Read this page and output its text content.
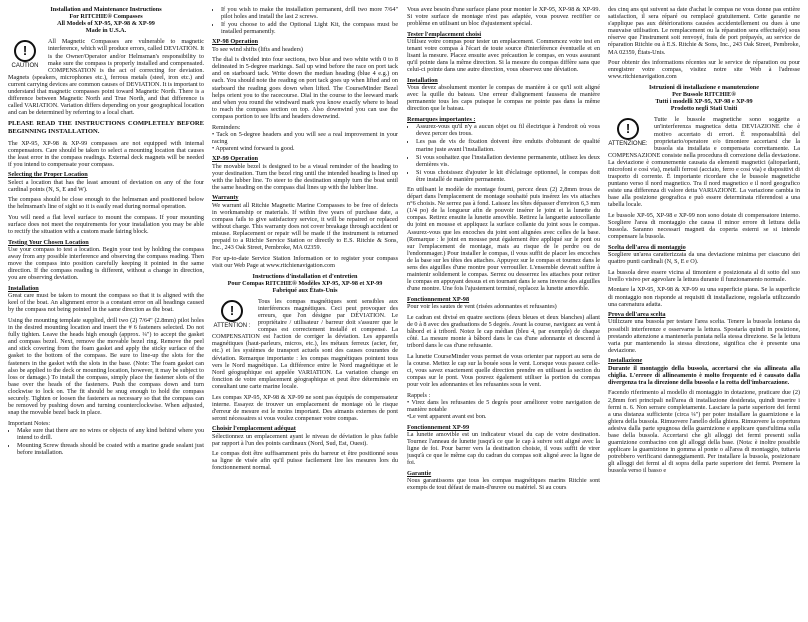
Installation and Maintenance Instructions
For RITCHIE® Compasses
All Models of XP-95, XP-98 & XP-99
Made in U.S.A.
!
CAUTION

All Magnetic Compasses are vulnerable to magnetic interference, which will produce errors, called DEVIATION. It is the Owner/Operator and/or Helmsman's responsibility to make sure the compass is properly installed and compensated. COMPENSATION is the act of correcting for deviation. Magnets (speakers, microphones etc.), ferrous metals (steel, iron etc.) and current carrying devices are common causes of DEVIATION. It is important to understand that magnetic compasses point toward Magnetic North. There is a difference between Magnetic North and True North, and that difference is called VARIATION. Variation differs depending on your geographical location and can be determined by referring to a local chart.

PLEASE READ THE INSTRUCTIONS COMPLETELY BEFORE BEGINNING INSTALLATION.

The XP-95, XP-98 & XP-99 compasses are not equipped with internal compensators. Care should be taken to select a mounting location that causes the least error in the compass readings. External deck magnets will be needed if you intend to compensate your compass.

Selecting the Proper Location

Select a location that has the least amount of deviation on any of the four cardinal points (N, S, E and W).

The compass should be close enough to the helmsman and positioned below the helmsman's line of sight so it is easily read during normal operation.

You will need a flat level surface to mount the compass. If your mounting surface does not meet the requirements for your installation you may be able to rectify the situation with a custom made fairing block.

Testing Your Chosen Location

Use your compass to test a location. Begin your test by holding the compass away from any possible interference and observing the compass reading. Then move the compass into position carefully keeping it pointed in the same direction. If the compass reading is different, without a change in direction, you are observing deviation.

Installation

Great care must be taken to mount the compass so that it is aligned with the keel of the boat. An alignment error is a constant error on all headings caused by the compass not being pointed in the same direction as the boat.

Using the mounting template supplied, drill two (2) 7/64" (2.8mm) pilot holes in the desired mounting location and insert the # 6 fasteners selected. Do not fully tighten. Leave the heads high enough (approx. ¼") to accept the gasket and compass bezel. Next, remove the movable bezel ring. Remove the peel and stick covering from the foam gasket and apply the sticky surface of the gasket to the bottom of the compass. Be sure to line-up the slots for the fasteners in the gasket with the slots in the base. (Note: The foam gasket can also be applied to the deck or mounting location, however, it may be subject to loss or damage.) To install the compass, simply place the fastener slots of the base over the heads of the fasteners. Push the compass down and turn clockwise to lock on. The fit should be snug enough to hold the compass securely. Tighten or loosen the fasteners as necessary so that the compass can be removed by pushing down and turning counterclockwise. When adjusted, snap the movable bezel back in place.

Important Notes:
• Make sure that there are no wires or objects of any kind behind where you intend to drill.
• Mounting Screw threads should be coated with a marine grade sealant just before installation.
• If you wish to make the installation permanent, drill two more 7/64" pilot holes and install the last 2 screws.
• If you choose to add the Optional Light Kit, the compass must be installed permanently.
XP-98 Operation

To see wind shifts (lifts and headers)

The dial is divided into four sections, two blue and two white with 0 to 8 delineated in 5-degree markings. Sail up wind before the race on port tack and on starboard tack. Write down the median heading (blue 4 e.g.) on each. You should note the reading on port tack goes up when lifted and on starboard the reading goes down when lifted. The CourseMinder Bezel helps orient you to the racecourse. Dial in the course to the leeward mark and when you round the windward mark you know exactly where to head to reach the compass section on top. Also downwind you can use the compass portion to see lifts and headers downwind.

Reminders:
• Tack on 5-degree headers and you will see a real improvement in your racing

• Apparent wind forward is good.

XP-99 Operation

The movable bezel is designed to be a visual reminder of the heading to your destination. Turn the bezel ring until the intended heading is lined up with the lubber line. To steer to the destination simply turn the boat until the same heading on the compass dial lines up with the lubber line.

Warranty

We warrant all Ritchie Magnetic Marine Compasses to be free of defects in workmanship or materials. If within five years of purchase date, a compass fails to give satisfactory service, it will be repaired or replaced without charge. This warranty does not cover breakage through accident or misuse. Replacement or repair will be made if the instrument is returned prepaid to a Ritchie Service Station or directly to E.S. Ritchie & Sons, Inc., 243 Oak Street, Pembroke, MA 02359.

For up-to-date Service Station Information or to register your compass visit our Web Page at www.ritchienavigation.com

Instructions d'installation et d'entretien
Pour Compas RITCHIE® Modèles XP-95, XP-98 et XP-99
Fabriqué aux États-Unis
!
ATTENTION :

Tous les compas magnétiques sont sensibles aux interférences magnétiques. Ceci peut provoquer des erreurs, que l'on désigne par DÉVIATION. Le propriétaire / utilisateur / barreur doit s'assurer que le compas est correctement installé et compensé. La COMPENSATION est l'action de corriger la déviation. Les appareils magnétiques (haut-parleurs, micros, etc.), les métaux ferreux (acier, fer, etc.) et les systèmes de transport actuels sont des causes courantes de déviation. Remarque importante : les compas magnétiques pointent tous vers le Nord magnétique. La différence entre le Nord magnétique et le Nord géographique est appelée VARIATION. La variation change en fonction de votre emplacement géographique et peut être déterminée en consultant une carte marine locale.

Les compas XP-95, XP-98 & XP-99 ne sont pas équipés de compensateur interne. Essayez de trouver un emplacement de montage où le risque d'erreur de mesure est le moins important. Des aimants externes de pont seront nécessaires si vous voulez compenser votre compas.

Choisir l'emplacement adéquat

Sélectionnez un emplacement ayant le niveau de déviation le plus faible par rapport à l'un des points cardinaux (Nord, Sud, Est, Ouest).

Le compas doit être suffisamment près du barreur et être positionné sous sa ligne de visée afin qu'il puisse facilement lire les mesures lors du fonctionnement normal.

Vous avez besoin d'une surface plane pour monter le XP-95, XP-98 & XP-99. Si votre surface de montage n'est pas adaptée, vous pouvez rectifier ce problème en utilisant un bloc d'ajustement spécial.

Tester l'emplacement choisi

Utilisez votre compas pour tester un emplacement. Commencez votre test en tenant votre compas à l'écart de toute source d'interférence éventuelle et en lisant la mesure. Placez ensuite avec précaution le compas, en vous assurant qu'il pointe dans la même direction. Si la mesure du compas diffère sans que celui-ci pointe dans une autre direction, vous observez une déviation.

Installation

Vous devez absolument monter le compas de manière à ce qu'il soit aligné avec la quille du bateau. Une erreur d'alignement faussera de manière permanente tous les caps puisque le compas ne pointe pas dans la même direction que le bateau.

Remarques importantes :
• Assurez-vous qu'il n'y a aucun objet ou fil électrique à l'endroit où vous devez percer des trous.
• Les pas de vis de fixation doivent être enduits d'obturant de qualité marine juste avant l'installation.
• Si vous souhaitez que l'installation devienne permanente, utilisez les deux dernières vis.
• Si vous choisissez d'ajouter le kit d'éclairage optionnel, le compas doit être installé de manière permanente.

En utilisant le modèle de montage fourni, percez deux (2) 2,8mm trous de départ dans l'emplacement de montage souhaité puis insérez les vis attaches n°6 choisis. Ne serrez pas à fond. Laissez les têtes dépasser d'environ 6,3 mm (1/4 po) de la longueur afin de pouvoir insérer le joint et la lunette du compas. Retirez ensuite la lunette amovible. Retirez la languette autocollante du joint en mousse et appliquez la surface collante du joint sous le compas. Assurez-vous que les encoches du joint sont alignées avec celles de la base. (Remarque : le joint en mousse peut également être appliqué sur le pont ou sur l'emplacement de montage, mais au risque de le perdre ou de l'endommager.) Pour installer le compas, il vous suffit de placer les encoches de la base sur les têtes des attaches. Appuyez sur le compas et tournez dans le sens des aiguilles d'une montre pour verrouiller. L'ensemble devrait suffire à maintenir solidement le compas. Serrez ou desserrez les attaches pour retirer le compas en appuyant dessus et en tournant dans le sens inverse des aiguilles d'une montre. Une fois l'ajustement terminé, replacez la lunette amovible.

Fonctionnement XP-98

Pour voir les sautes de vent (risées adonnantes et refusantes)

Le cadran est divisé en quatre sections (deux bleues et deux blanches) allant de 0 à 8 avec des graduations de 5 degrés. Avant la course, naviguez au vent à bâbord et à tribord. Notez le cap médian (bleu 4, par exemple) de chaque côté. La mesure monte à bâbord dans le cas d'une adonnante et descend à tribord dans le cas d'une refusante.

La lunette CourseMinder vous permet de vous orienter par rapport au sens de la course. Mettez le cap sur la bouée sous le vent. Lorsque vous passez celle-ci, vous savez exactement quelle direction prendre en utilisant la section du compas sur le pont. Vous pouvez également utiliser la portion du compas pour voir les adonnantes et les refusantes sous le vent.

Rappels :
• Virez dans les refusantes de 5 degrés pour améliorer votre navigation de manière notable

•Le vent apparent avant est bon.

Fonctionnement XP-99

La lunette amovible est un indicateur visuel du cap de votre destination. Tournez l'anneau de lunette jusqu'à ce que le cap à suivre soit aligné avec la ligne de foi. Pour barrer vers la destination choisie, il vous suffit de virer jusqu'à ce que le même cap du cadran du compas soit aligné avec la ligne de foi.

Garantie

Nous garantissons que tous les compas magnétiques marins Ritchie sont exempts de tout défaut de main-d'œuvre ou matériel. Si au cours

des cinq ans qui suivent sa date d'achat le compas ne vous donne pas entière satisfaction, il sera réparé ou remplacé gratuitement. Cette garantie ne s'applique pas aux détériorations causées accidentellement ou dues à une mauvaise utilisation. Le remplacement ou la réparation sera effectué(e) sous réserve que l'instrument soit renvoyé, frais de port prépayés, au service de réparation Ritchie ou à E.S. Ritchie & Sons, Inc., 243 Oak Street, Pembroke, MA 02359, États-Unis.

Pour obtenir des informations récentes sur le service de réparation ou pour enregistrer votre compas, visitez notre site Web à l'adresse www.ritchienavigation.com

Istruzioni di installazione e manutenzione
Per Bussole RITCHIE®
Tutti i modelli XP-95, XP-98 e XP-99
Prodotto negli Stati Uniti
!
ATTENZIONE:

Tutte le bussole magnetiche sono soggette a un'interferenza magnetica detta DEVIAZIONE che è motivo accertato di errori. È responsabilità del proprietario/operatore e/o timoniere accertarsi che la bussola sia installata e compensata correttamente. La COMPENSAZIONE consiste nella procedura di correzione della deviazione. La deviazione è comunemente causata da elementi magnetici (altoparlanti, microfoni e così via), metalli ferrosi (acciaio, ferro e così via) e dispositivi di trasporto di corrente. È importante ricordare che le bussole magnetiche puntano verso il nord magnetico. Tra il nord magnetico e il nord geografico esiste una differenza di valore detta VARIAZIONE. La variazione cambia in base alla posizione geografica e può essere determinata riferendosi a una tabella locale.

Le bussole XP-95, XP-98 e XP-99 non sono dotate di compensatore interno. Scegliere l'area di montaggio che causa il minor errore di lettura della bussola. Saranno necessari magneti da coperta esterni se si intende compensare la bussola.

Scelta dell'area di montaggio

Scegliere un'area caratterizzata da una deviazione minima per ciascuno dei quattro punti cardinali (N, S, E e O).

La bussola deve essere vicina al timoniere e posizionata al di sotto del suo livello visivo per agevolare la lettura durante il funzionamento normale.

Montare la XP-95, XP-98 & XP-99 su una superficie piana. Se la superficie di montaggio non risponde ai requisiti di installazione, regolarla utilizzando una carenatura adatta.

Prova dell'area scelta

Utilizzare una bussola per testare l'area scelta. Tenere la bussola lontana da possibili interferenze e osservarne la lettura. Spostarla quindi in posizione, prestando attenzione a mantenerla puntata nella stessa direzione. Se la lettura varia pur mantenendo la stessa direzione, significa che è presente una deviazione.

Installazione

Durante il montaggio della bussola, accertarsi che sia allineata alla chiglia. L'errore di allineamento è molto frequente ed è causato dalla divergenza tra la direzione della bussola e la rotta dell'imbarcazione.

Facendo riferimento al modello di montaggio in dotazione, praticare due (2) 2,8mm fori principali nell'area di installazione desiderata, quindi inserire i fermi n. 6. Non serrare completamente. Lasciare la parte superiore dei fermi a una distanza sufficiente (circa ¼") per poter installare la guarnizione e la ghiera della bussola. Rimuovere l'anello della ghiera. Rimuovere la copertura adesiva dalla parte spugnosa della guarnizione e applicare quest'ultima sulla base della bussola. Accertarsi che gli alloggi dei fermi presenti sulla guarnizione combacino con gli alloggi della base. (Nota: è inoltre possibile applicare la guarnizione in gomma al ponte o all'area di montaggio, tuttavia potrebbero verificarsi danneggiamenti. Per installare la bussola, posizionare gli alloggi dei fermi al di sopra della parte superiore dei fermi. Premere la bussola verso il basso e
